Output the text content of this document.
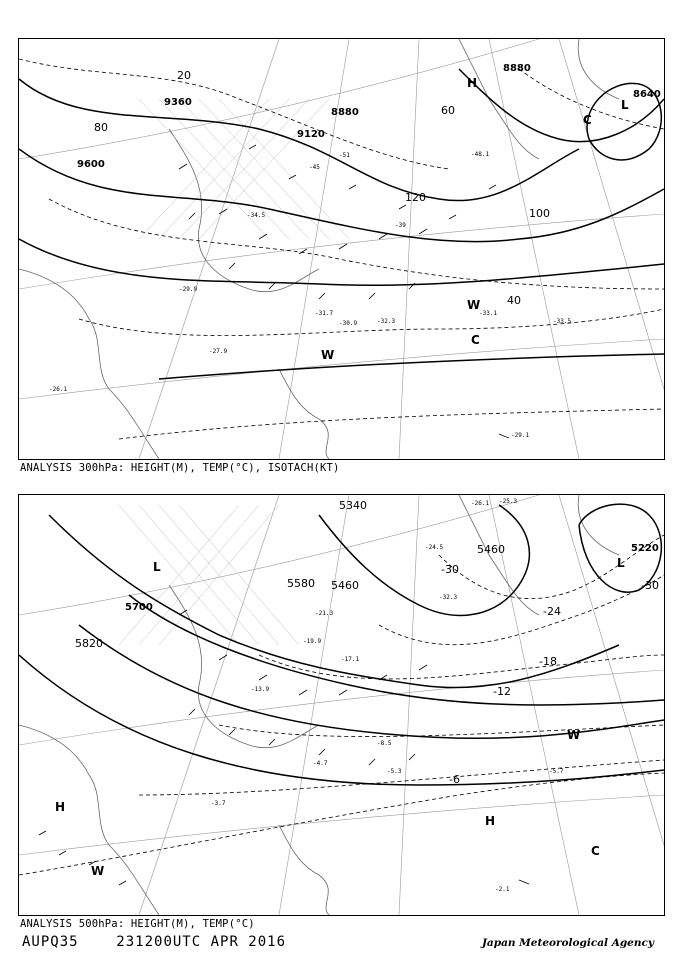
9360
9600
9120
8880
8880
8640
20
40
60
80
100
120
L
C
H
W
C
W
-32.3
-33.1
-30.9
-31.7
-33.5
-27.9
-29.1
-34.5
-29.9
-26.1
-48.1
-51
-45
-39
ANALYSIS 300hPa: HEIGHT(M), TEMP(°C), ISOTACH(KT)
5220
5340
5460
5460
5580
5700
5820
-30
-24
-18
-12
-6
-30
L
L
H
H
C
W
W
-24.5
-32.3
-19.9
-17.1
-8.5
-5.3	-5.7
-4.7
-2.1
-3.7
-13.9
-21.3
-26.1 -25.3
ANALYSIS 500hPa: HEIGHT(M), TEMP(°C)
AUPQ35	231200UTC APR 2016	Japan Meteorological Agency
